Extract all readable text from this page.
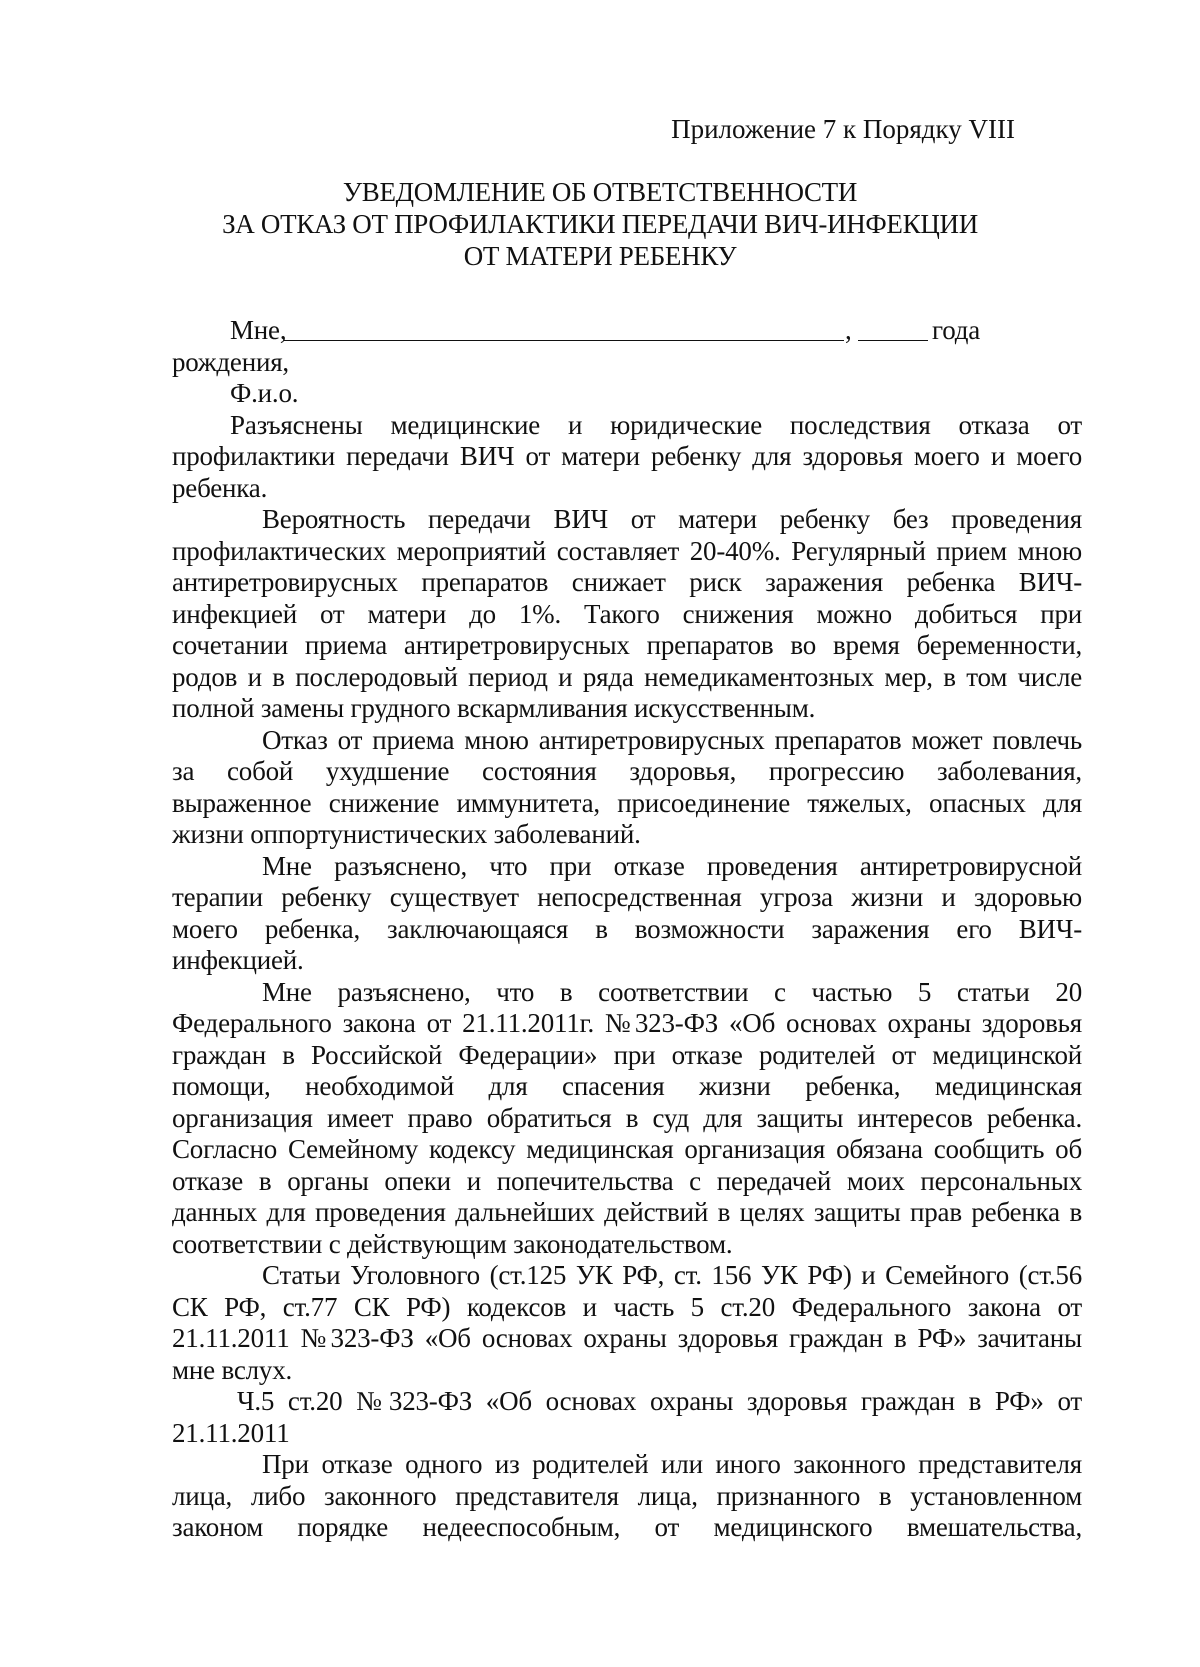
Приложение 7 к Порядку VIII
УВЕДОМЛЕНИЕ ОБ ОТВЕТСТВЕННОСТИ
ЗА ОТКАЗ ОТ ПРОФИЛАКТИКИ ПЕРЕДАЧИ ВИЧ-ИНФЕКЦИИ
ОТ МАТЕРИ РЕБЕНКУ
Мне,	,	года
рождения,
Ф.и.о.
Разъяснены медицинские и юридические последствия отказа от
профилактики передачи ВИЧ от матери ребенку для здоровья моего и моего
ребенка.
Вероятность передачи ВИЧ от матери ребенку без проведения
профилактических мероприятий составляет 20-40%. Регулярный прием мною
антиретровирусных препаратов снижает риск заражения ребенка ВИЧ-
инфекцией от матери до 1%. Такого снижения можно добиться при
сочетании приема антиретровирусных препаратов во время беременности,
родов и в послеродовый период и ряда немедикаментозных мер, в том числе
полной замены грудного вскармливания искусственным.
Отказ от приема мною антиретровирусных препаратов может повлечь
за собой ухудшение состояния здоровья, прогрессию заболевания,
выраженное снижение иммунитета, присоединение тяжелых, опасных для
жизни оппортунистических заболеваний.
Мне разъяснено, что при отказе проведения антиретровирусной
терапии ребенку существует непосредственная угроза жизни и здоровью
моего ребенка, заключающаяся в возможности заражения его ВИЧ-
инфекцией.
Мне разъяснено, что в соответствии с частью 5 статьи 20
Федерального закона от 21.11.2011г. №323-ФЗ «Об основах охраны здоровья
граждан в Российской Федерации» при отказе родителей от медицинской
помощи, необходимой для спасения жизни ребенка, медицинская
организация имеет право обратиться в суд для защиты интересов ребенка.
Согласно Семейному кодексу медицинская организация обязана сообщить об
отказе в органы опеки и попечительства с передачей моих персональных
данных для проведения дальнейших действий в целях защиты прав ребенка в
соответствии с действующим законодательством.
Статьи Уголовного (ст.125 УК РФ, ст. 156 УК РФ) и Семейного (ст.56
СК РФ, ст.77 СК РФ) кодексов и часть 5 ст.20 Федерального закона от
21.11.2011 №323-ФЗ «Об основах охраны здоровья граждан в РФ» зачитаны
мне вслух.
Ч.5 ст.20 №323-ФЗ «Об основах охраны здоровья граждан в РФ» от
21.11.2011
При отказе одного из родителей или иного законного представителя
лица, либо законного представителя лица, признанного в установленном
законом порядке недееспособным, от медицинского вмешательства,
